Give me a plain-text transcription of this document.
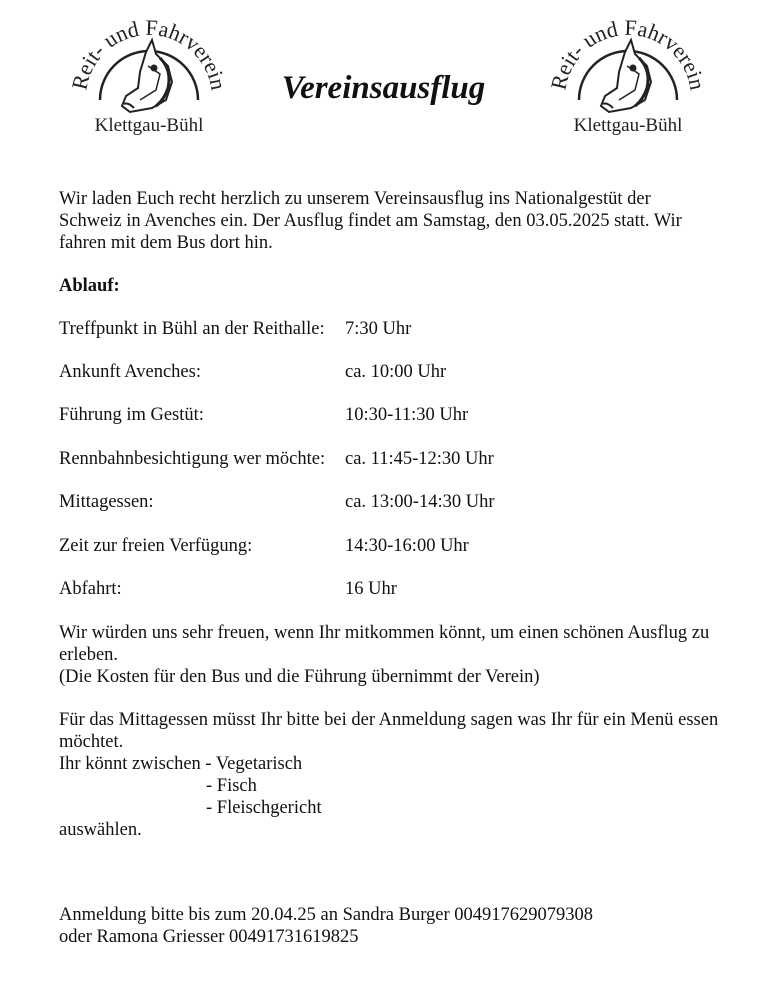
Reit- und Fahrverein
Klettgau-Bühl
Reit- und Fahrverein
Klettgau-Bühl
Vereinsausflug
Wir laden Euch recht herzlich zu unserem Vereinsausflug ins Nationalgestüt der Schweiz in Avenches ein. Der Ausflug findet am Samstag, den 03.05.2025 statt. Wir fahren mit dem Bus dort hin.
Ablauf:
Treffpunkt in Bühl an der Reithalle: 7:30 Uhr
Ankunft Avenches:	ca. 10:00 Uhr
Führung im Gestüt:	10:30-11:30 Uhr
Rennbahnbesichtigung wer möchte: ca. 11:45-12:30 Uhr
Mittagessen:	ca. 13:00-14:30 Uhr
Zeit zur freien Verfügung:	14:30-16:00 Uhr
Abfahrt:	16 Uhr
Wir würden uns sehr freuen, wenn Ihr mitkommen könnt, um einen schönen Ausflug zu erleben.
(Die Kosten für den Bus und die Führung übernimmt der Verein)
Für das Mittagessen müsst Ihr bitte bei der Anmeldung sagen was Ihr für ein Menü essen möchtet.
Ihr könnt zwischen - Vegetarisch
- Fisch
- Fleischgericht
auswählen.
Anmeldung bitte bis zum 20.04.25 an Sandra Burger 004917629079308
oder Ramona Griesser 00491731619825
